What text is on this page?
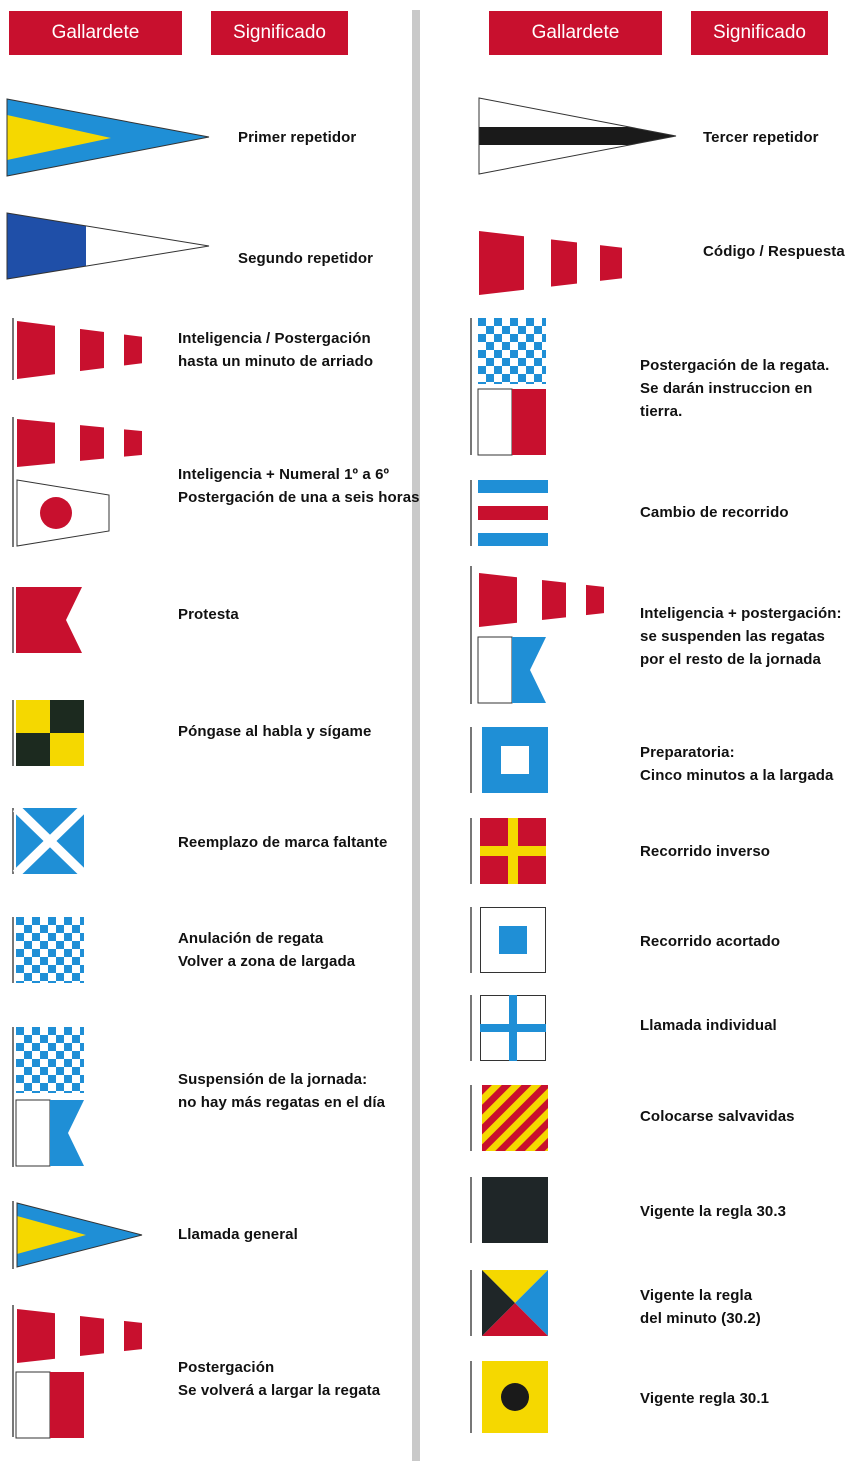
Gallardete	Significado	Gallardete	Significado
Primer repetidor
Segundo repetidor
Inteligencia / Postergación
hasta un minuto de arriado
Inteligencia + Numeral 1º a 6º
Postergación de una a seis horas
Protesta
Póngase al habla y sígame
Reemplazo de marca faltante
Anulación de regata
Volver a zona de largada
Suspensión de la jornada:
no hay más regatas en el día
Llamada general
Postergación
Se volverá a largar la regata
Tercer repetidor
Código / Respuesta
Postergación de la regata.
Se darán instruccion en tierra.
Cambio de recorrido
Inteligencia + postergación:
se suspenden las regatas
por el resto de la jornada
Preparatoria:
Cinco minutos a la largada
Recorrido inverso
Recorrido acortado
Llamada individual
Colocarse salvavidas
Vigente la regla 30.3
Vigente la regla
del minuto (30.2)
Vigente regla 30.1
